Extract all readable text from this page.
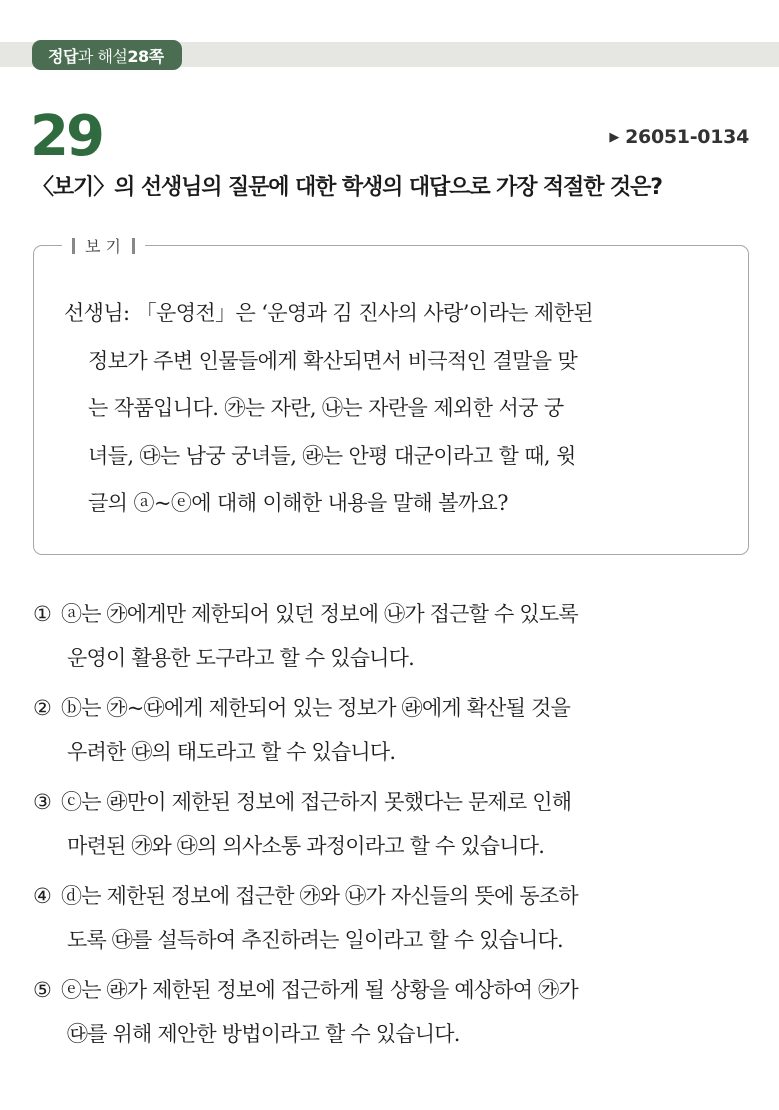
정답 과 해설 28쪽
29	▶ 26051-0134
〈보기〉의 선생님의 질문에 대한 학생의 대답으로 가장 적절한 것은?
보기
선생님: 「운영전」은 ‘운영과 김 진사의 사랑’이라는 제한된
정보가 주변 인물들에게 확산되면서 비극적인 결말을 맞
는 작품입니다. ㉮는 자란, ㉯는 자란을 제외한 서궁 궁
녀들, ㉰는 남궁 궁녀들, ㉱는 안평 대군이라고 할 때, 윗
글의 ⓐ~ⓔ에 대해 이해한 내용을 말해 볼까요?
① ⓐ는 ㉮에게만 제한되어 있던 정보에 ㉯가 접근할 수 있도록
운영이 활용한 도구라고 할 수 있습니다.
② ⓑ는 ㉮~㉰에게 제한되어 있는 정보가 ㉱에게 확산될 것을
우려한 ㉰의 태도라고 할 수 있습니다.
③ ⓒ는 ㉱만이 제한된 정보에 접근하지 못했다는 문제로 인해
마련된 ㉮와 ㉰의 의사소통 과정이라고 할 수 있습니다.
④ ⓓ는 제한된 정보에 접근한 ㉮와 ㉯가 자신들의 뜻에 동조하
도록 ㉰를 설득하여 추진하려는 일이라고 할 수 있습니다.
⑤ ⓔ는 ㉱가 제한된 정보에 접근하게 될 상황을 예상하여 ㉮가
㉰를 위해 제안한 방법이라고 할 수 있습니다.
